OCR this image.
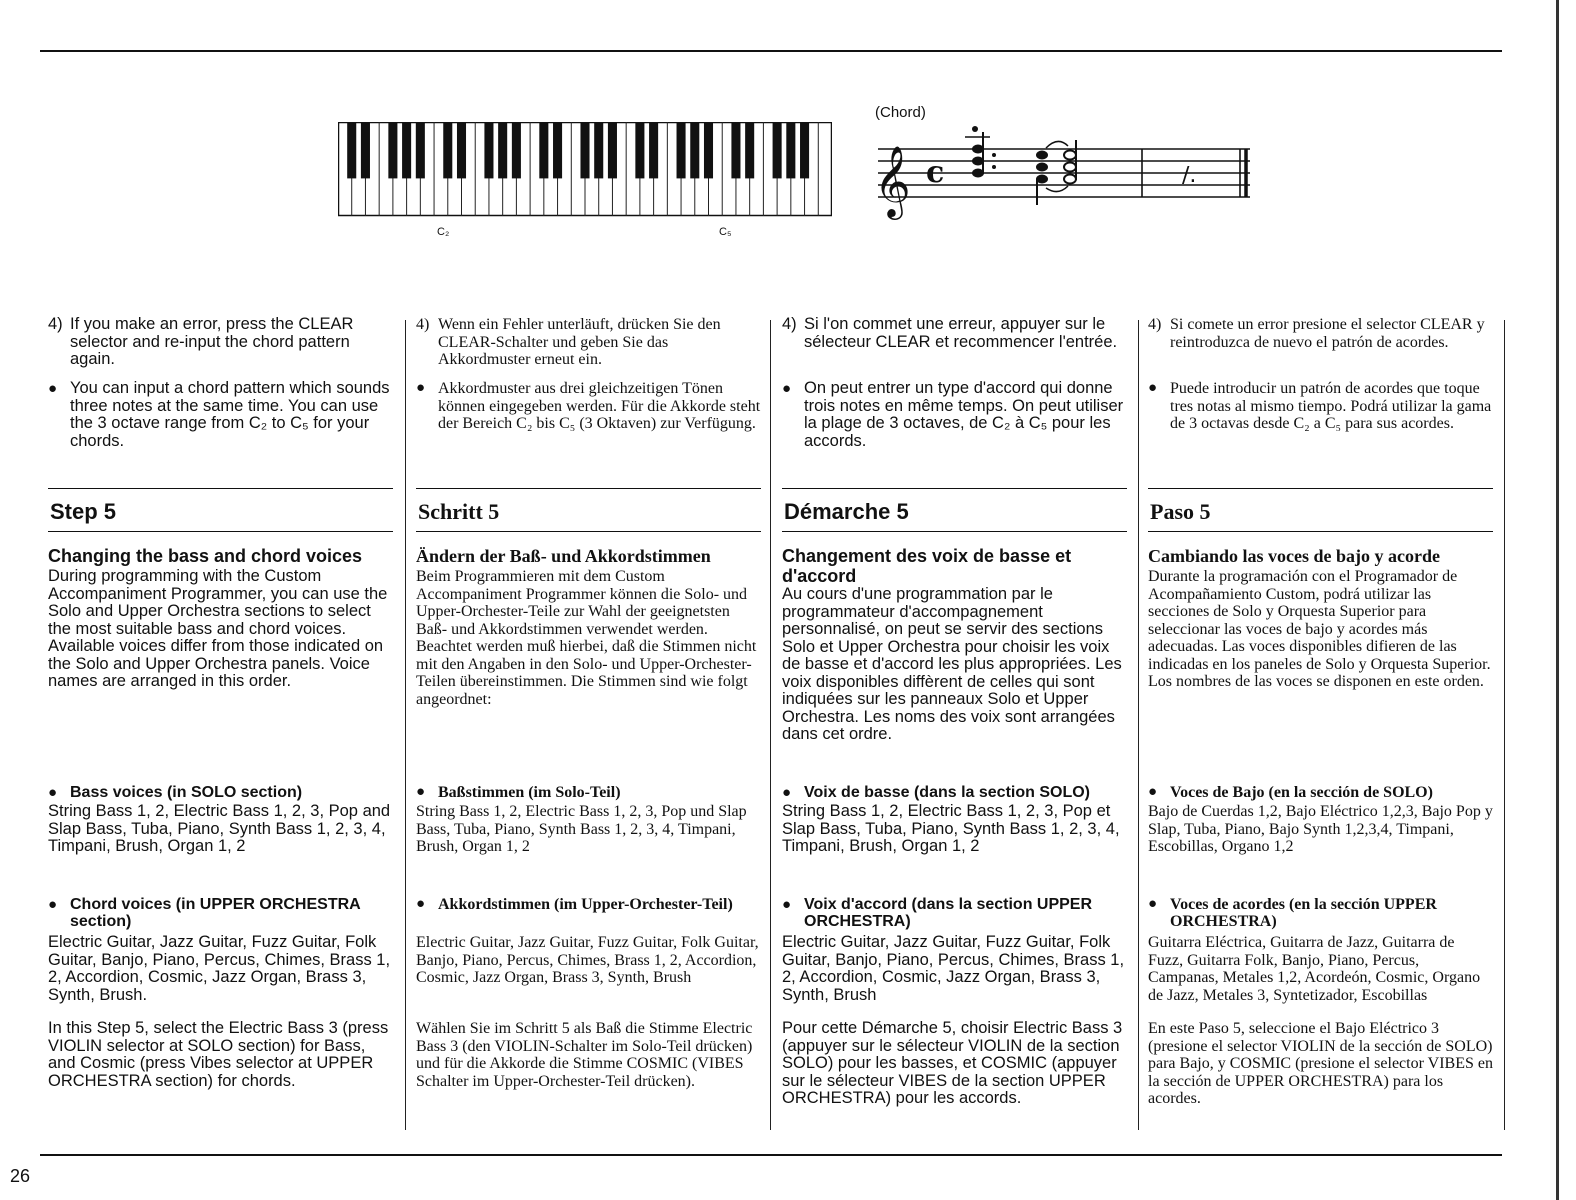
C₂	C₅
(Chord)
𝄞 c	∕.
4) If you make an error, press the CLEAR selector and re-input the chord pattern again.
● You can input a chord pattern which sounds three notes at the same time. You can use the 3 octave range from C₂ to C₅ for your chords.
Step 5
Changing the bass and chord voices
During programming with the Custom Accompaniment Programmer, you can use the Solo and Upper Orchestra sections to select the most suitable bass and chord voices. Available voices differ from those indicated on the Solo and Upper Orchestra panels. Voice names are arranged in this order.
● Bass voices (in SOLO section)
String Bass 1, 2, Electric Bass 1, 2, 3, Pop and Slap Bass, Tuba, Piano, Synth Bass 1, 2, 3, 4, Timpani, Brush, Organ 1, 2
● Chord voices (in UPPER ORCHESTRA section)
Electric Guitar, Jazz Guitar, Fuzz Guitar, Folk Guitar, Banjo, Piano, Percus, Chimes, Brass 1, 2, Accordion, Cosmic, Jazz Organ, Brass 3, Synth, Brush.
In this Step 5, select the Electric Bass 3 (press VIOLIN selector at SOLO section) for Bass, and Cosmic (press Vibes selector at UPPER ORCHESTRA section) for chords.
4) Wenn ein Fehler unterläuft, drücken Sie den CLEAR-Schalter und geben Sie das Akkordmuster erneut ein.
● Akkordmuster aus drei gleichzeitigen Tönen können eingegeben werden. Für die Akkorde steht der Bereich C₂ bis C₅ (3 Oktaven) zur Verfügung.
Schritt 5
Ändern der Baß- und Akkordstimmen
Beim Programmieren mit dem Custom Accompaniment Programmer können die Solo- und Upper-Orchester-Teile zur Wahl der geeignetsten Baß- und Akkordstimmen verwendet werden. Beachtet werden muß hierbei, daß die Stimmen nicht mit den Angaben in den Solo- und Upper-Orchester-Teilen übereinstimmen. Die Stimmen sind wie folgt angeordnet:
● Baßstimmen (im Solo-Teil)
String Bass 1, 2, Electric Bass 1, 2, 3, Pop und Slap Bass, Tuba, Piano, Synth Bass 1, 2, 3, 4, Timpani, Brush, Organ 1, 2
● Akkordstimmen (im Upper-Orchester-Teil)
Electric Guitar, Jazz Guitar, Fuzz Guitar, Folk Guitar, Banjo, Piano, Percus, Chimes, Brass 1, 2, Accordion, Cosmic, Jazz Organ, Brass 3, Synth, Brush
Wählen Sie im Schritt 5 als Baß die Stimme Electric Bass 3 (den VIOLIN-Schalter im Solo-Teil drücken) und für die Akkorde die Stimme COSMIC (VIBES Schalter im Upper-Orchester-Teil drücken).
4) Si l'on commet une erreur, appuyer sur le sélecteur CLEAR et recommencer l'entrée.
● On peut entrer un type d'accord qui donne trois notes en même temps. On peut utiliser la plage de 3 octaves, de C₂ à C₅ pour les accords.
Démarche 5
Changement des voix de basse et d'accord
Au cours d'une programmation par le programmateur d'accompagnement personnalisé, on peut se servir des sections Solo et Upper Orchestra pour choisir les voix de basse et d'accord les plus appropriées. Les voix disponibles diffèrent de celles qui sont indiquées sur les panneaux Solo et Upper Orchestra. Les noms des voix sont arrangées dans cet ordre.
● Voix de basse (dans la section SOLO)
String Bass 1, 2, Electric Bass 1, 2, 3, Pop et Slap Bass, Tuba, Piano, Synth Bass 1, 2, 3, 4, Timpani, Brush, Organ 1, 2
● Voix d'accord (dans la section UPPER ORCHESTRA)
Electric Guitar, Jazz Guitar, Fuzz Guitar, Folk Guitar, Banjo, Piano, Percus, Chimes, Brass 1, 2, Accordion, Cosmic, Jazz Organ, Brass 3, Synth, Brush
Pour cette Démarche 5, choisir Electric Bass 3 (appuyer sur le sélecteur VIOLIN de la section SOLO) pour les basses, et COSMIC (appuyer sur le sélecteur VIBES de la section UPPER ORCHESTRA) pour les accords.
4) Si comete un error presione el selector CLEAR y reintroduzca de nuevo el patrón de acordes.
● Puede introducir un patrón de acordes que toque tres notas al mismo tiempo. Podrá utilizar la gama de 3 octavas desde C₂ a C₅ para sus acordes.
Paso 5
Cambiando las voces de bajo y acorde
Durante la programación con el Programador de Acompañamiento Custom, podrá utilizar las secciones de Solo y Orquesta Superior para seleccionar las voces de bajo y acordes más adecuadas. Las voces disponibles difieren de las indicadas en los paneles de Solo y Orquesta Superior. Los nombres de las voces se disponen en este orden.
● Voces de Bajo (en la sección de SOLO)
Bajo de Cuerdas 1,2, Bajo Eléctrico 1,2,3, Bajo Pop y Slap, Tuba, Piano, Bajo Synth 1,2,3,4, Timpani, Escobillas, Organo 1,2
● Voces de acordes (en la sección UPPER ORCHESTRA)
Guitarra Eléctrica, Guitarra de Jazz, Guitarra de Fuzz, Guitarra Folk, Banjo, Piano, Percus, Campanas, Metales 1,2, Acordeón, Cosmic, Organo de Jazz, Metales 3, Syntetizador, Escobillas
En este Paso 5, seleccione el Bajo Eléctrico 3 (presione el selector VIOLIN de la sección de SOLO) para Bajo, y COSMIC (presione el selector VIBES en la sección de UPPER ORCHESTRA) para los acordes.
26
